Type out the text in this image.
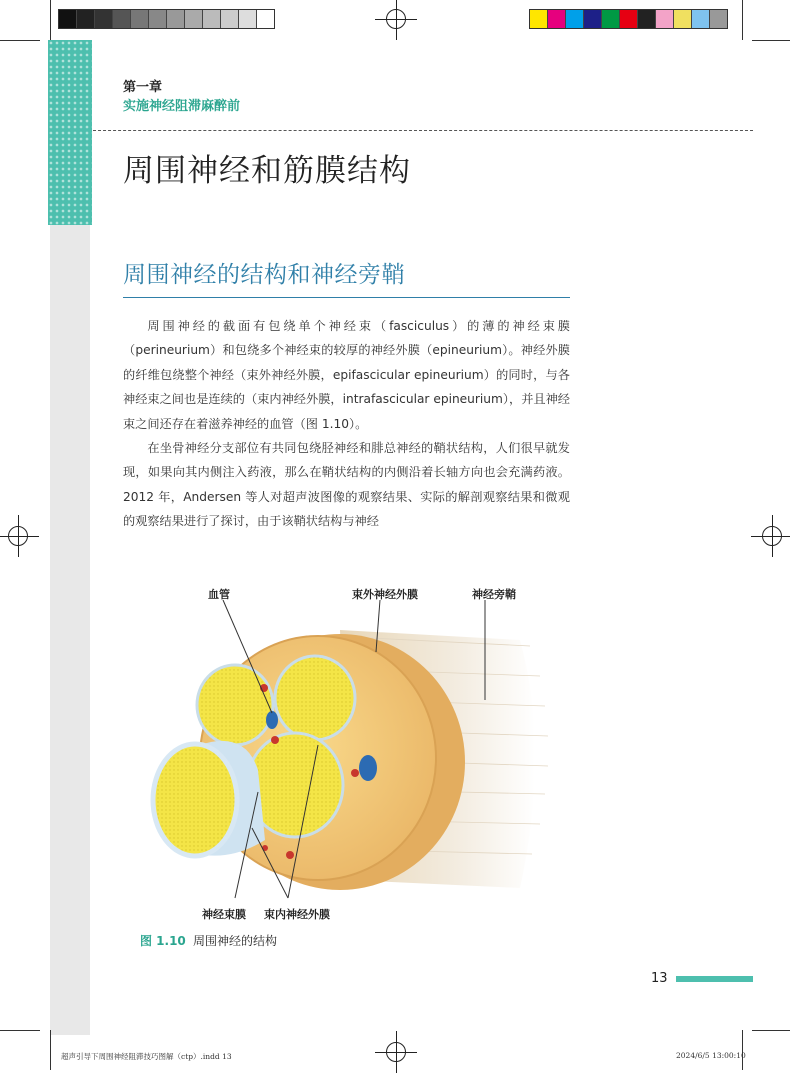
第一章
实施神经阻滞麻醉前
周围神经和筋膜结构
周围神经的结构和神经旁鞘

周围神经的截面有包绕单个神经束（fasciculus）的薄的神经束膜（perineurium）和包绕多个神经束的较厚的神经外膜（epineurium）。神经外膜的纤维包绕整个神经（束外神经外膜，epifascicular epineurium）的同时，与各神经束之间也是连续的（束内神经外膜，intrafascicular epineurium），并且神经束之间还存在着滋养神经的血管（图 1.10）。

在坐骨神经分支部位有共同包绕胫神经和腓总神经的鞘状结构，人们很早就发现，如果向其内侧注入药液，那么在鞘状结构的内侧沿着长轴方向也会充满药液。2012 年，Andersen 等人对超声波图像的观察结果、实际的解剖观察结果和微观的观察结果进行了探讨，由于该鞘状结构与神经

血管	束外神经外膜	神经旁鞘
神经束膜 束内神经外膜
图 1.10 周围神经的结构
13
超声引导下周围神经阻滞技巧图解（ctp）.indd 13	2024/6/5 13:00:10
